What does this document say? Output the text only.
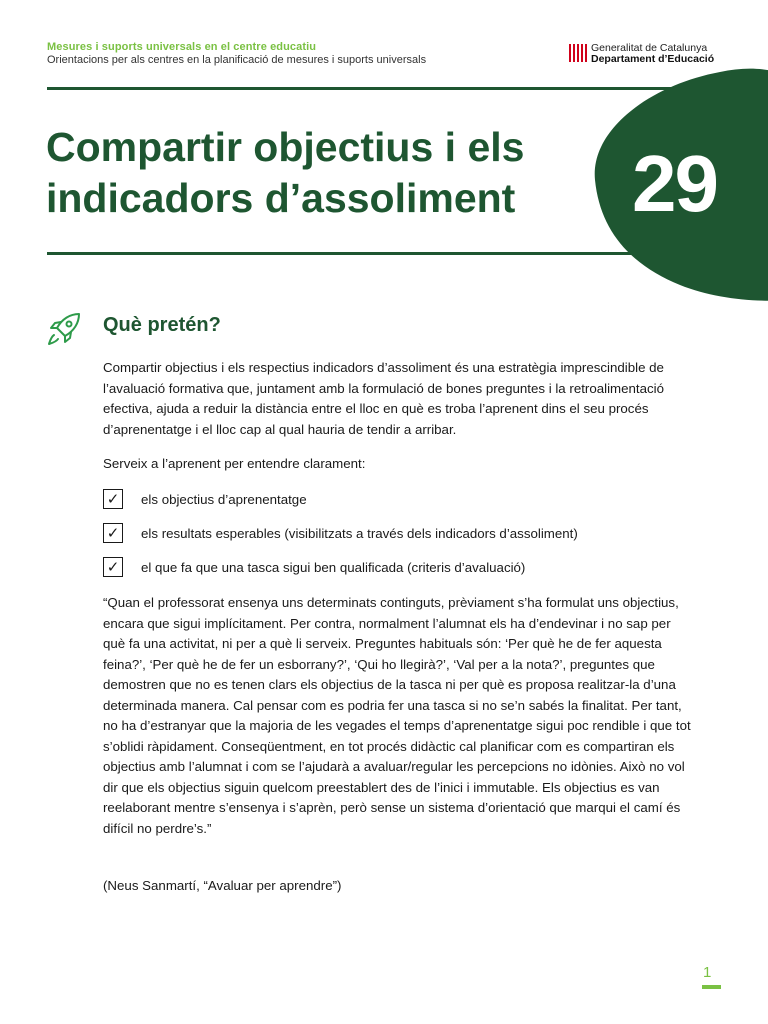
Mesures i suports universals en el centre educatiu
Orientacions per als centres en la planificació de mesures i suports universals
Generalitat de Catalunya
Departament d’Educació
29
Compartir objectius i els indicadors d’assoliment
Què pretén?

Compartir objectius i els respectius indicadors d’assoliment és una estratègia imprescindible de l’avaluació formativa que, juntament amb la formulació de bones preguntes i la retroalimentació efectiva, ajuda a reduir la distància entre el lloc en què es troba l’aprenent dins el seu procés d’aprenentatge i el lloc cap al qual hauria de tendir a arribar.

Serveix a l’aprenent per entendre clarament:

✓ els objectius d’aprenentatge
✓ els resultats esperables (visibilitzats a través dels indicadors d’assoliment)
✓ el que fa que una tasca sigui ben qualificada (criteris d’avaluació)

“Quan el professorat ensenya uns determinats continguts, prèviament s’ha formulat uns objectius, encara que sigui implícitament. Per contra, normalment l’alumnat els ha d’endevinar i no sap per què fa una activitat, ni per a què li serveix. Preguntes habituals són: ‘Per què he de fer aquesta feina?’, ‘Per què he de fer un esborrany?’, ‘Qui ho llegirà?’, ‘Val per a la nota?’, preguntes que demostren que no es tenen clars els objectius de la tasca ni per què es proposa realitzar-la d’una determinada manera. Cal pensar com es podria fer una tasca si no se’n sabés la finalitat. Per tant, no ha d’estranyar que la majoria de les vegades el temps d’aprenentatge sigui poc rendible i que tot s’oblidi ràpidament. Conseqüentment, en tot procés didàctic cal planificar com es compartiran els objectius amb l’alumnat i com se l’ajudarà a avaluar/regular les percepcions no idònies. Això no vol dir que els objectius siguin quelcom preestablert des de l’inici i immutable. Els objectius es van reelaborant mentre s’ensenya i s’aprèn, però sense un sistema d’orientació que marqui el camí és difícil no perdre’s.”

(Neus Sanmartí, “Avaluar per aprendre”)

1
